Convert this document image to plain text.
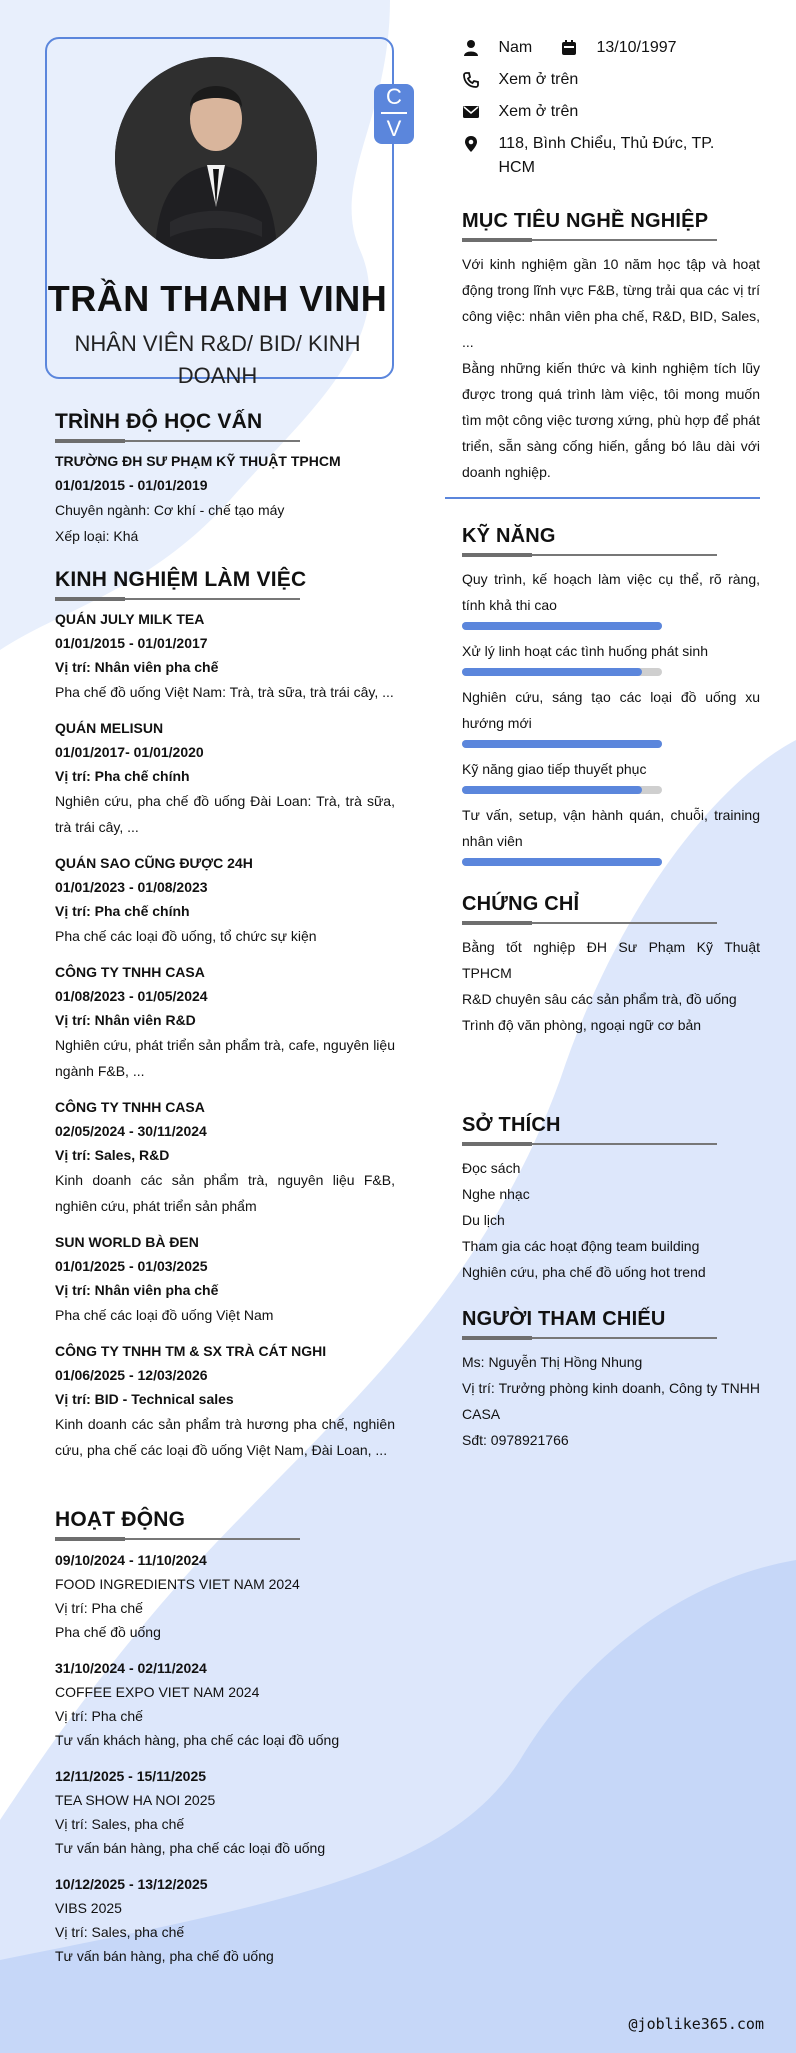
C
V
TRẦN THANH VINH
NHÂN VIÊN R&D/ BID/ KINH DOANH
Nam	13/10/1997
Xem ở trên
Xem ở trên
118, Bình Chiểu, Thủ Đức, TP. HCM
TRÌNH ĐỘ HỌC VẤN
TRƯỜNG ĐH SƯ PHẠM KỸ THUẬT TPHCM
01/01/2015 - 01/01/2019
Chuyên ngành: Cơ khí - chế tạo máy
Xếp loại: Khá
KINH NGHIỆM LÀM VIỆC
QUÁN JULY MILK TEA
01/01/2015 - 01/01/2017
Vị trí: Nhân viên pha chế
Pha chế đồ uống Việt Nam: Trà, trà sữa, trà trái cây, ...
QUÁN MELISUN
01/01/2017- 01/01/2020
Vị trí: Pha chế chính
Nghiên cứu, pha chế đồ uống Đài Loan: Trà, trà sữa, trà trái cây, ...
QUÁN SAO CŨNG ĐƯỢC 24H
01/01/2023 - 01/08/2023
Vị trí: Pha chế chính
Pha chế các loại đồ uống, tổ chức sự kiện
CÔNG TY TNHH CASA
01/08/2023 - 01/05/2024
Vị trí: Nhân viên R&D
Nghiên cứu, phát triển sản phẩm trà, cafe, nguyên liệu ngành F&B, ...
CÔNG TY TNHH CASA
02/05/2024 - 30/11/2024
Vị trí: Sales, R&D
Kinh doanh các sản phẩm trà, nguyên liệu F&B, nghiên cứu, phát triển sản phẩm
SUN WORLD BÀ ĐEN
01/01/2025 - 01/03/2025
Vị trí: Nhân viên pha chế
Pha chế các loại đồ uống Việt Nam
CÔNG TY TNHH TM & SX TRÀ CÁT NGHI
01/06/2025 - 12/03/2026
Vị trí: BID - Technical sales
Kinh doanh các sản phẩm trà hương pha chế, nghiên cứu, pha chế các loại đồ uống Việt Nam, Đài Loan, ...
HOẠT ĐỘNG
09/10/2024 - 11/10/2024
FOOD INGREDIENTS VIET NAM 2024
Vị trí: Pha chế
Pha chế đồ uống
31/10/2024 - 02/11/2024
COFFEE EXPO VIET NAM 2024
Vị trí: Pha chế
Tư vấn khách hàng, pha chế các loại đồ uống
12/11/2025 - 15/11/2025
TEA SHOW HA NOI 2025
Vị trí: Sales, pha chế
Tư vấn bán hàng, pha chế các loại đồ uống
10/12/2025 - 13/12/2025
VIBS 2025
Vị trí: Sales, pha chế
Tư vấn bán hàng, pha chế đồ uống
MỤC TIÊU NGHỀ NGHIỆP
Với kinh nghiệm gần 10 năm học tập và hoạt động trong lĩnh vực F&B, từng trải qua các vị trí công việc: nhân viên pha chế, R&D, BID, Sales, ...
Bằng những kiến thức và kinh nghiệm tích lũy được trong quá trình làm việc, tôi mong muốn tìm một công việc tương xứng, phù hợp để phát triển, sẵn sàng cống hiến, gắng bó lâu dài với doanh nghiệp.
KỸ NĂNG
Quy trình, kế hoạch làm việc cụ thể, rõ ràng, tính khả thi cao
Xử lý linh hoạt các tình huống phát sinh
Nghiên cứu, sáng tạo các loại đồ uống xu hướng mới
Kỹ năng giao tiếp thuyết phục
Tư vấn, setup, vận hành quán, chuỗi, training nhân viên
CHỨNG CHỈ
Bằng tốt nghiệp ĐH Sư Phạm Kỹ Thuật TPHCM
R&D chuyên sâu các sản phẩm trà, đồ uống
Trình độ văn phòng, ngoại ngữ cơ bản
SỞ THÍCH
Đọc sách
Nghe nhạc
Du lịch
Tham gia các hoạt động team building
Nghiên cứu, pha chế đồ uống hot trend
NGƯỜI THAM CHIẾU
Ms: Nguyễn Thị Hồng Nhung
Vị trí: Trưởng phòng kinh doanh, Công ty TNHH CASA
Sđt: 0978921766
@joblike365.com
